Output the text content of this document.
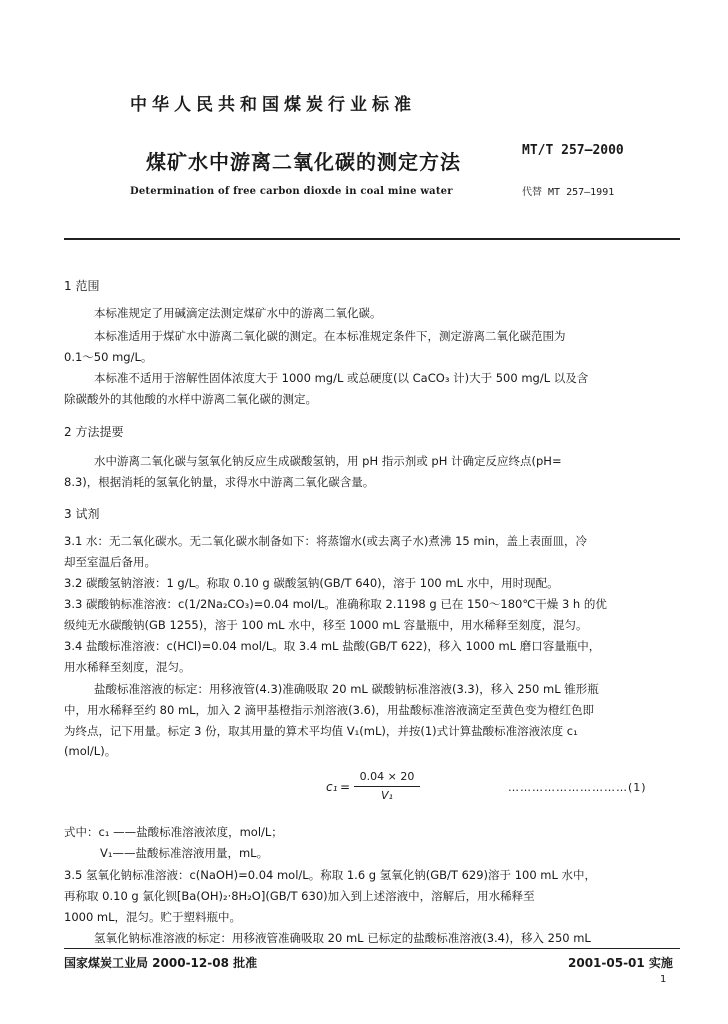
中华人民共和国煤炭行业标准
煤矿水中游离二氧化碳的测定方法
Determination of free carbon dioxde in coal mine water
MT/T 257—2000
代替 MT 257—1991
1 范围
本标准规定了用碱滴定法测定煤矿水中的游离二氧化碳。
本标准适用于煤矿水中游离二氧化碳的测定。在本标准规定条件下，测定游离二氧化碳范围为
0.1～50 mg/L。
本标准不适用于溶解性固体浓度大于 1000 mg/L 或总硬度(以 CaCO₃ 计)大于 500 mg/L 以及含
除碳酸外的其他酸的水样中游离二氧化碳的测定。
2 方法提要
水中游离二氧化碳与氢氧化钠反应生成碳酸氢钠，用 pH 指示剂或 pH 计确定反应终点(pH=
8.3)，根据消耗的氢氧化钠量，求得水中游离二氧化碳含量。
3 试剂
3.1 水：无二氧化碳水。无二氧化碳水制备如下：将蒸馏水(或去离子水)煮沸 15 min，盖上表面皿，冷
却至室温后备用。
3.2 碳酸氢钠溶液：1 g/L。称取 0.10 g 碳酸氢钠(GB/T 640)，溶于 100 mL 水中，用时现配。
3.3 碳酸钠标准溶液：c(1/2Na₂CO₃)=0.04 mol/L。准确称取 2.1198 g 已在 150～180℃干燥 3 h 的优
级纯无水碳酸钠(GB 1255)，溶于 100 mL 水中，移至 1000 mL 容量瓶中，用水稀释至刻度，混匀。
3.4 盐酸标准溶液：c(HCl)=0.04 mol/L。取 3.4 mL 盐酸(GB/T 622)，移入 1000 mL 磨口容量瓶中，
用水稀释至刻度，混匀。
盐酸标准溶液的标定：用移液管(4.3)准确吸取 20 mL 碳酸钠标准溶液(3.3)，移入 250 mL 锥形瓶
中，用水稀释至约 80 mL，加入 2 滴甲基橙指示剂溶液(3.6)，用盐酸标准溶液滴定至黄色变为橙红色即
为终点，记下用量。标定 3 份，取其用量的算术平均值 V₁(mL)，并按(1)式计算盐酸标准溶液浓度 c₁
(mol/L)。
c₁ =
0.04 × 20
V₁
…………………………(1)
式中：c₁ ——盐酸标准溶液浓度，mol/L；
V₁——盐酸标准溶液用量，mL。
3.5 氢氧化钠标准溶液：c(NaOH)=0.04 mol/L。称取 1.6 g 氢氧化钠(GB/T 629)溶于 100 mL 水中，
再称取 0.10 g 氯化钡[Ba(OH)₂·8H₂O](GB/T 630)加入到上述溶液中，溶解后，用水稀释至
1000 mL，混匀。贮于塑料瓶中。
氢氧化钠标准溶液的标定：用移液管准确吸取 20 mL 已标定的盐酸标准溶液(3.4)，移入 250 mL
国家煤炭工业局 2000-12-08 批准	2001-05-01 实施
1
